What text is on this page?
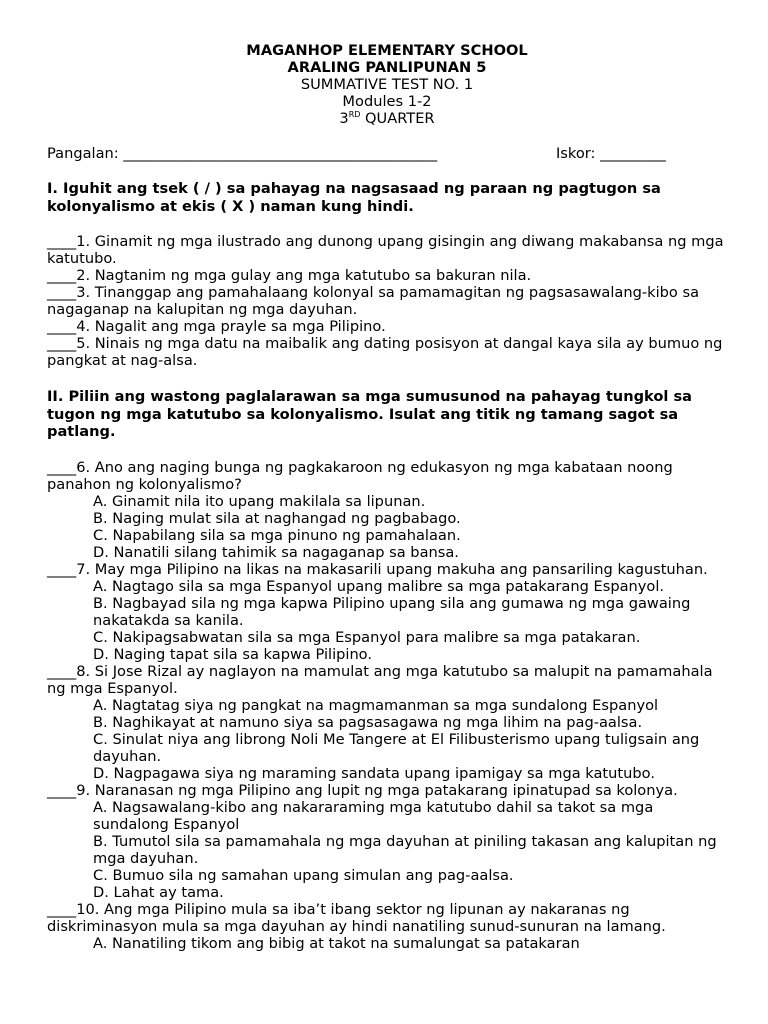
MAGANHOP ELEMENTARY SCHOOL
ARALING PANLIPUNAN 5
SUMMATIVE TEST NO. 1
Modules 1-2
3RD QUARTER
Pangalan: ___________________________________________	Iskor: _________
I. Iguhit ang tsek ( / ) sa pahayag na nagsasaad ng paraan ng pagtugon sa kolonyalismo at ekis ( X ) naman kung hindi.
____1. Ginamit ng mga ilustrado ang dunong upang gisingin ang diwang makabansa ng mga katutubo.
____2. Nagtanim ng mga gulay ang mga katutubo sa bakuran nila.
____3. Tinanggap ang pamahalaang kolonyal sa pamamagitan ng pagsasawalang-kibo sa nagaganap na kalupitan ng mga dayuhan.
____4. Nagalit ang mga prayle sa mga Pilipino.
____5. Ninais ng mga datu na maibalik ang dating posisyon at dangal kaya sila ay bumuo ng pangkat at nag-alsa.
II. Piliin ang wastong paglalarawan sa mga sumusunod na pahayag tungkol sa tugon ng mga katutubo sa kolonyalismo. Isulat ang titik ng tamang sagot sa patlang.
____6. Ano ang naging bunga ng pagkakaroon ng edukasyon ng mga kabataan noong panahon ng kolonyalismo?
A. Ginamit nila ito upang makilala sa lipunan.
B. Naging mulat sila at naghangad ng pagbabago.
C. Napabilang sila sa mga pinuno ng pamahalaan.
D. Nanatili silang tahimik sa nagaganap sa bansa.
____7. May mga Pilipino na likas na makasarili upang makuha ang pansariling kagustuhan.
A. Nagtago sila sa mga Espanyol upang malibre sa mga patakarang Espanyol.
B. Nagbayad sila ng mga kapwa Pilipino upang sila ang gumawa ng mga gawaing nakatakda sa kanila.
C. Nakipagsabwatan sila sa mga Espanyol para malibre sa mga patakaran.
D. Naging tapat sila sa kapwa Pilipino.
____8. Si Jose Rizal ay naglayon na mamulat ang mga katutubo sa malupit na pamamahala ng mga Espanyol.
A. Nagtatag siya ng pangkat na magmamanman sa mga sundalong Espanyol
B. Naghikayat at namuno siya sa pagsasagawa ng mga lihim na pag-aalsa.
C. Sinulat niya ang librong Noli Me Tangere at El Filibusterismo upang tuligsain ang dayuhan.
D. Nagpagawa siya ng maraming sandata upang ipamigay sa mga katutubo.
____9. Naranasan ng mga Pilipino ang lupit ng mga patakarang ipinatupad sa kolonya.
A. Nagsawalang-kibo ang nakararaming mga katutubo dahil sa takot sa mga sundalong Espanyol
B. Tumutol sila sa pamamahala ng mga dayuhan at piniling takasan ang kalupitan ng mga dayuhan.
C. Bumuo sila ng samahan upang simulan ang pag-aalsa.
D. Lahat ay tama.
____10. Ang mga Pilipino mula sa iba’t ibang sektor ng lipunan ay nakaranas ng diskriminasyon mula sa mga dayuhan ay hindi nanatiling sunud-sunuran na lamang.
A. Nanatiling tikom ang bibig at takot na sumalungat sa patakaran
